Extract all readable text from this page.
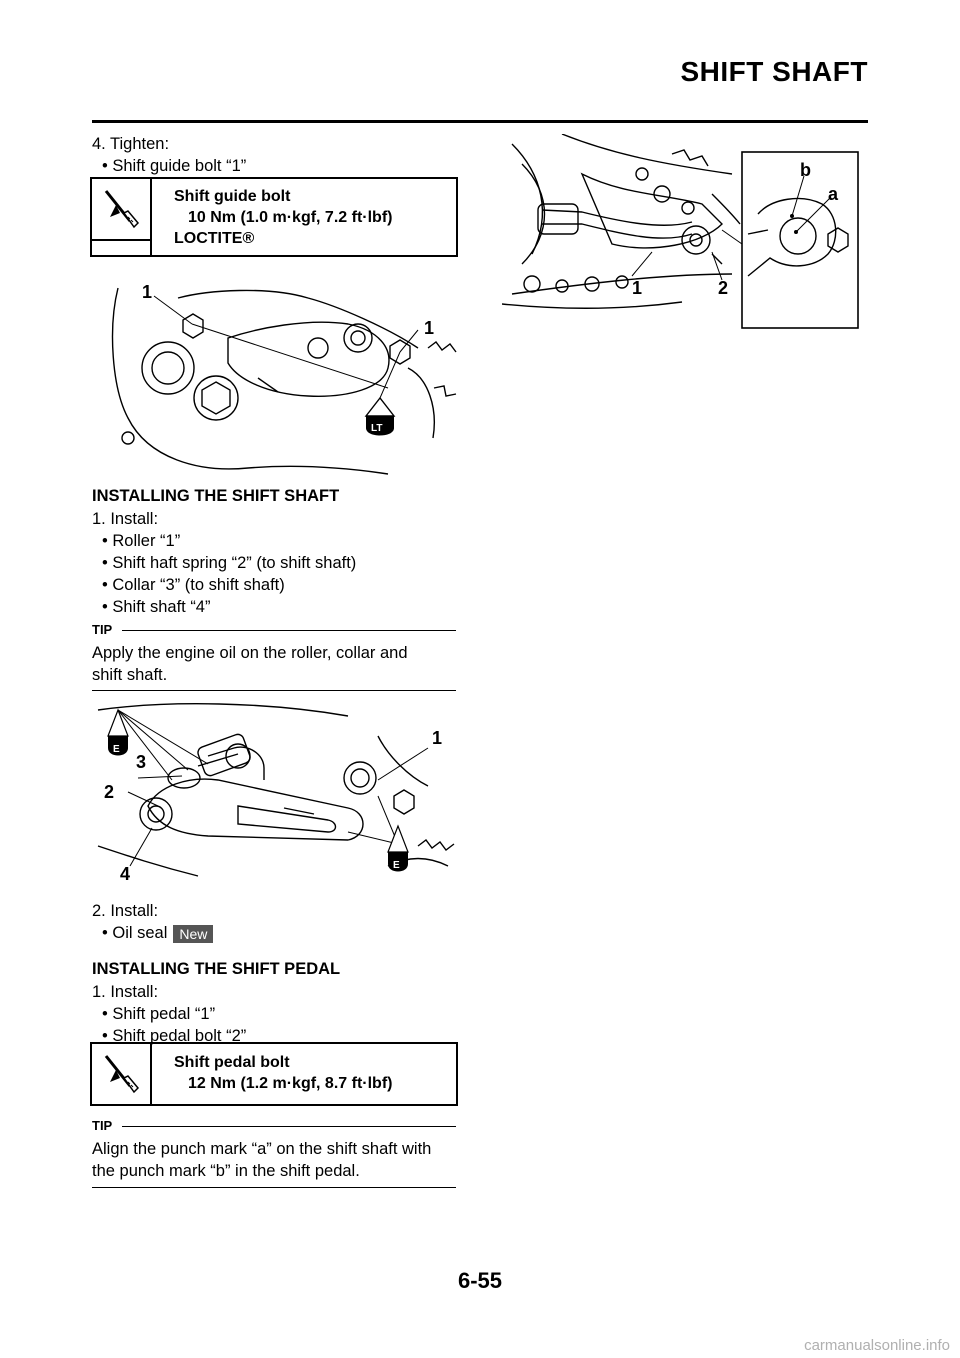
SHIFT SHAFT
4. Tighten:
• Shift guide bolt “1”
Shift guide bolt
10 Nm (1.0 m·kgf, 7.2 ft·lbf)
LOCTITE®
LT
1
1
INSTALLING THE SHIFT SHAFT
1. Install:
• Roller “1”
• Shift haft spring “2” (to shift shaft)
• Collar “3” (to shift shaft)
• Shift shaft “4”
TIP
Apply the engine oil on the roller, collar and
shift shaft.
E
E
1
2
3
4
2. Install:
• Oil seal New
INSTALLING THE SHIFT PEDAL
1. Install:
• Shift pedal “1”
• Shift pedal bolt “2”
Shift pedal bolt
12 Nm (1.2 m·kgf, 8.7 ft·lbf)
TIP
Align the punch mark “a” on the shift shaft with
the punch mark “b” in the shift pedal.
b
a
1	2
6-55
carmanualsonline.info
